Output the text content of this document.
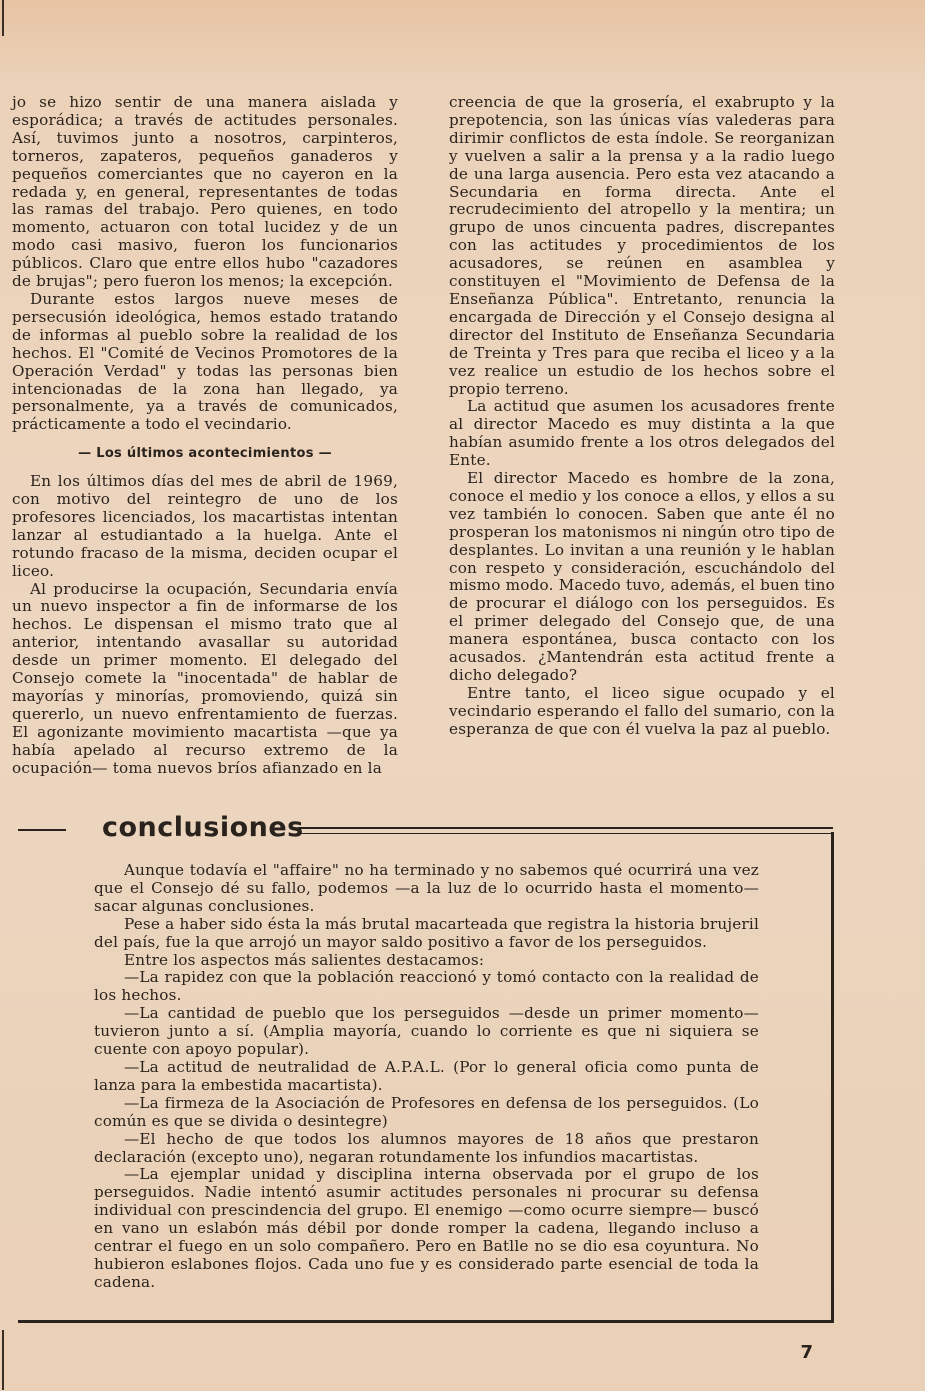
jo se hizo sentir de una manera aislada y esporádica; a través de actitudes personales. Así, tuvimos junto a nosotros, carpinteros, torneros, zapateros, pequeños ganaderos y pequeños comerciantes que no cayeron en la redada y, en general, representantes de todas las ramas del trabajo. Pero quienes, en todo momento, actuaron con total lucidez y de un modo casi masivo, fueron los funcionarios públicos. Claro que entre ellos hubo "cazadores de brujas"; pero fueron los menos; la excepción.

Durante estos largos nueve meses de persecusión ideológica, hemos estado tratando de informas al pueblo sobre la realidad de los hechos. El "Comité de Vecinos Promotores de la Operación Verdad" y todas las personas bien intencionadas de la zona han llegado, ya personalmente, ya a través de comunicados, prácticamente a todo el vecindario.

— Los últimos acontecimientos —

En los últimos días del mes de abril de 1969, con motivo del reintegro de uno de los profesores licenciados, los macartistas intentan lanzar al estudiantado a la huelga. Ante el rotundo fracaso de la misma, deciden ocupar el liceo.

Al producirse la ocupación, Secundaria envía un nuevo inspector a fin de informarse de los hechos. Le dispensan el mismo trato que al anterior, intentando avasallar su autoridad desde un primer momento. El delegado del Consejo comete la "inocentada" de hablar de mayorías y minorías, promoviendo, quizá sin quererlo, un nuevo enfrentamiento de fuerzas. El agonizante movimiento macartista —que ya había apelado al recurso extremo de la ocupación— toma nuevos bríos afianzado en la

creencia de que la grosería, el exabrupto y la prepotencia, son las únicas vías valederas para dirimir conflictos de esta índole. Se reorganizan y vuelven a salir a la prensa y a la radio luego de una larga ausencia. Pero esta vez atacando a Secundaria en forma directa. Ante el recrudecimiento del atropello y la mentira; un grupo de unos cincuenta padres, discrepantes con las actitudes y procedimientos de los acusadores, se reúnen en asamblea y constituyen el "Movimiento de Defensa de la Enseñanza Pública". Entretanto, renuncia la encargada de Dirección y el Consejo designa al director del Instituto de Enseñanza Secundaria de Treinta y Tres para que reciba el liceo y a la vez realice un estudio de los hechos sobre el propio terreno.

La actitud que asumen los acusadores frente al director Macedo es muy distinta a la que habían asumido frente a los otros delegados del Ente.

El director Macedo es hombre de la zona, conoce el medio y los conoce a ellos, y ellos a su vez también lo conocen. Saben que ante él no prosperan los matonismos ni ningún otro tipo de desplantes. Lo invitan a una reunión y le hablan con respeto y consideración, escuchándolo del mismo modo. Macedo tuvo, además, el buen tino de procurar el diálogo con los perseguidos. Es el primer delegado del Consejo que, de una manera espontánea, busca contacto con los acusados. ¿Mantendrán esta actitud frente a dicho delegado?

Entre tanto, el liceo sigue ocupado y el vecindario esperando el fallo del sumario, con la esperanza de que con él vuelva la paz al pueblo.

conclusiones

Aunque todavía el "affaire" no ha terminado y no sabemos qué ocurrirá una vez que el Consejo dé su fallo, podemos —a la luz de lo ocurrido hasta el momento— sacar algunas conclusiones.

Pese a haber sido ésta la más brutal macarteada que registra la historia brujeril del país, fue la que arrojó un mayor saldo positivo a favor de los perseguidos.

Entre los aspectos más salientes destacamos:

—La rapidez con que la población reaccionó y tomó contacto con la realidad de los hechos.

—La cantidad de pueblo que los perseguidos —desde un primer momento— tuvieron junto a sí. (Amplia mayoría, cuando lo corriente es que ni siquiera se cuente con apoyo popular).

—La actitud de neutralidad de A.P.A.L. (Por lo general oficia como punta de lanza para la embestida macartista).

—La firmeza de la Asociación de Profesores en defensa de los perseguidos. (Lo común es que se divida o desintegre)

—El hecho de que todos los alumnos mayores de 18 años que prestaron declaración (excepto uno), negaran rotundamente los infundios macartistas.

—La ejemplar unidad y disciplina interna observada por el grupo de los perseguidos. Nadie intentó asumir actitudes personales ni procurar su defensa individual con prescindencia del grupo. El enemigo —como ocurre siempre— buscó en vano un eslabón más débil por donde romper la cadena, llegando incluso a centrar el fuego en un solo compañero. Pero en Batlle no se dio esa coyuntura. No hubieron eslabones flojos. Cada uno fue y es considerado parte esencial de toda la cadena.

7
